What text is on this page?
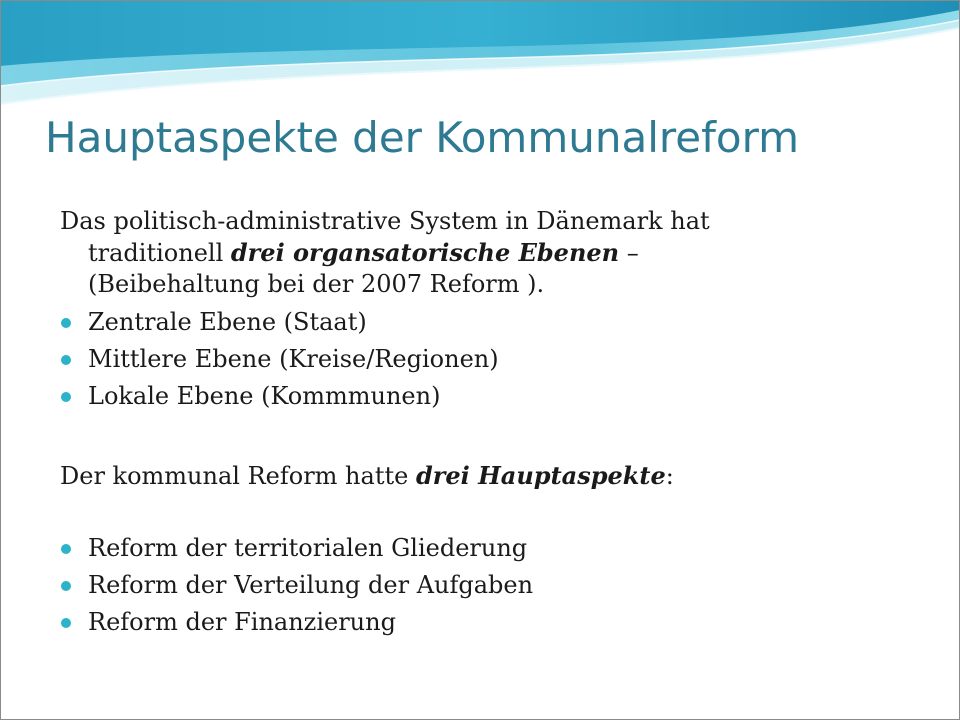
Hauptaspekte der Kommunalreform
Das politisch-administrative System in Dänemark hat
traditionell drei organsatorische Ebenen –
(Beibehaltung bei der 2007 Reform ).
Zentrale Ebene (Staat)
Mittlere Ebene (Kreise/Regionen)
Lokale Ebene (Kommmunen)
Der kommunal Reform hatte drei Hauptaspekte:
Reform der territorialen Gliederung
Reform der Verteilung der Aufgaben
Reform der Finanzierung
